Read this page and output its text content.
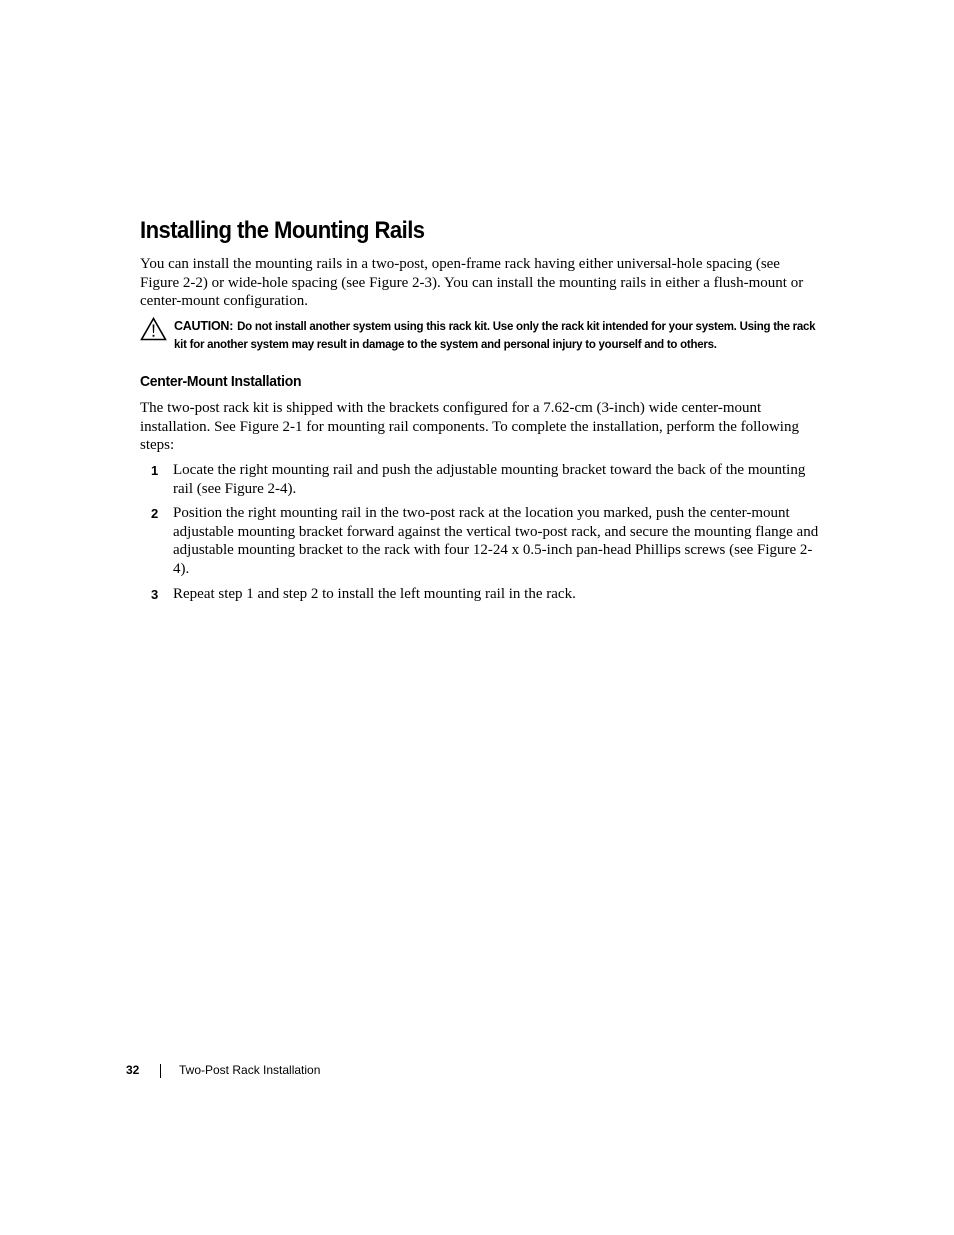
Installing the Mounting Rails

You can install the mounting rails in a two-post, open-frame rack having either universal-hole spacing (see Figure 2-2) or wide-hole spacing (see Figure 2-3). You can install the mounting rails in either a flush-mount or center-mount configuration.

CAUTION: Do not install another system using this rack kit. Use only the rack kit intended for your system. Using the rack kit for another system may result in damage to the system and personal injury to yourself and to others.

Center-Mount Installation

The two-post rack kit is shipped with the brackets configured for a 7.62-cm (3-inch) wide center-mount installation. See Figure 2-1 for mounting rail components. To complete the installation, perform the following steps:

1 Locate the right mounting rail and push the adjustable mounting bracket toward the back of the mounting rail (see Figure 2-4).
2 Position the right mounting rail in the two-post rack at the location you marked, push the center-mount adjustable mounting bracket forward against the vertical two-post rack, and secure the mounting flange and adjustable mounting bracket to the rack with four 12-24 x 0.5-inch pan-head Phillips screws (see Figure 2-4).
3 Repeat step 1 and step 2 to install the left mounting rail in the rack.
32	Two-Post Rack Installation
